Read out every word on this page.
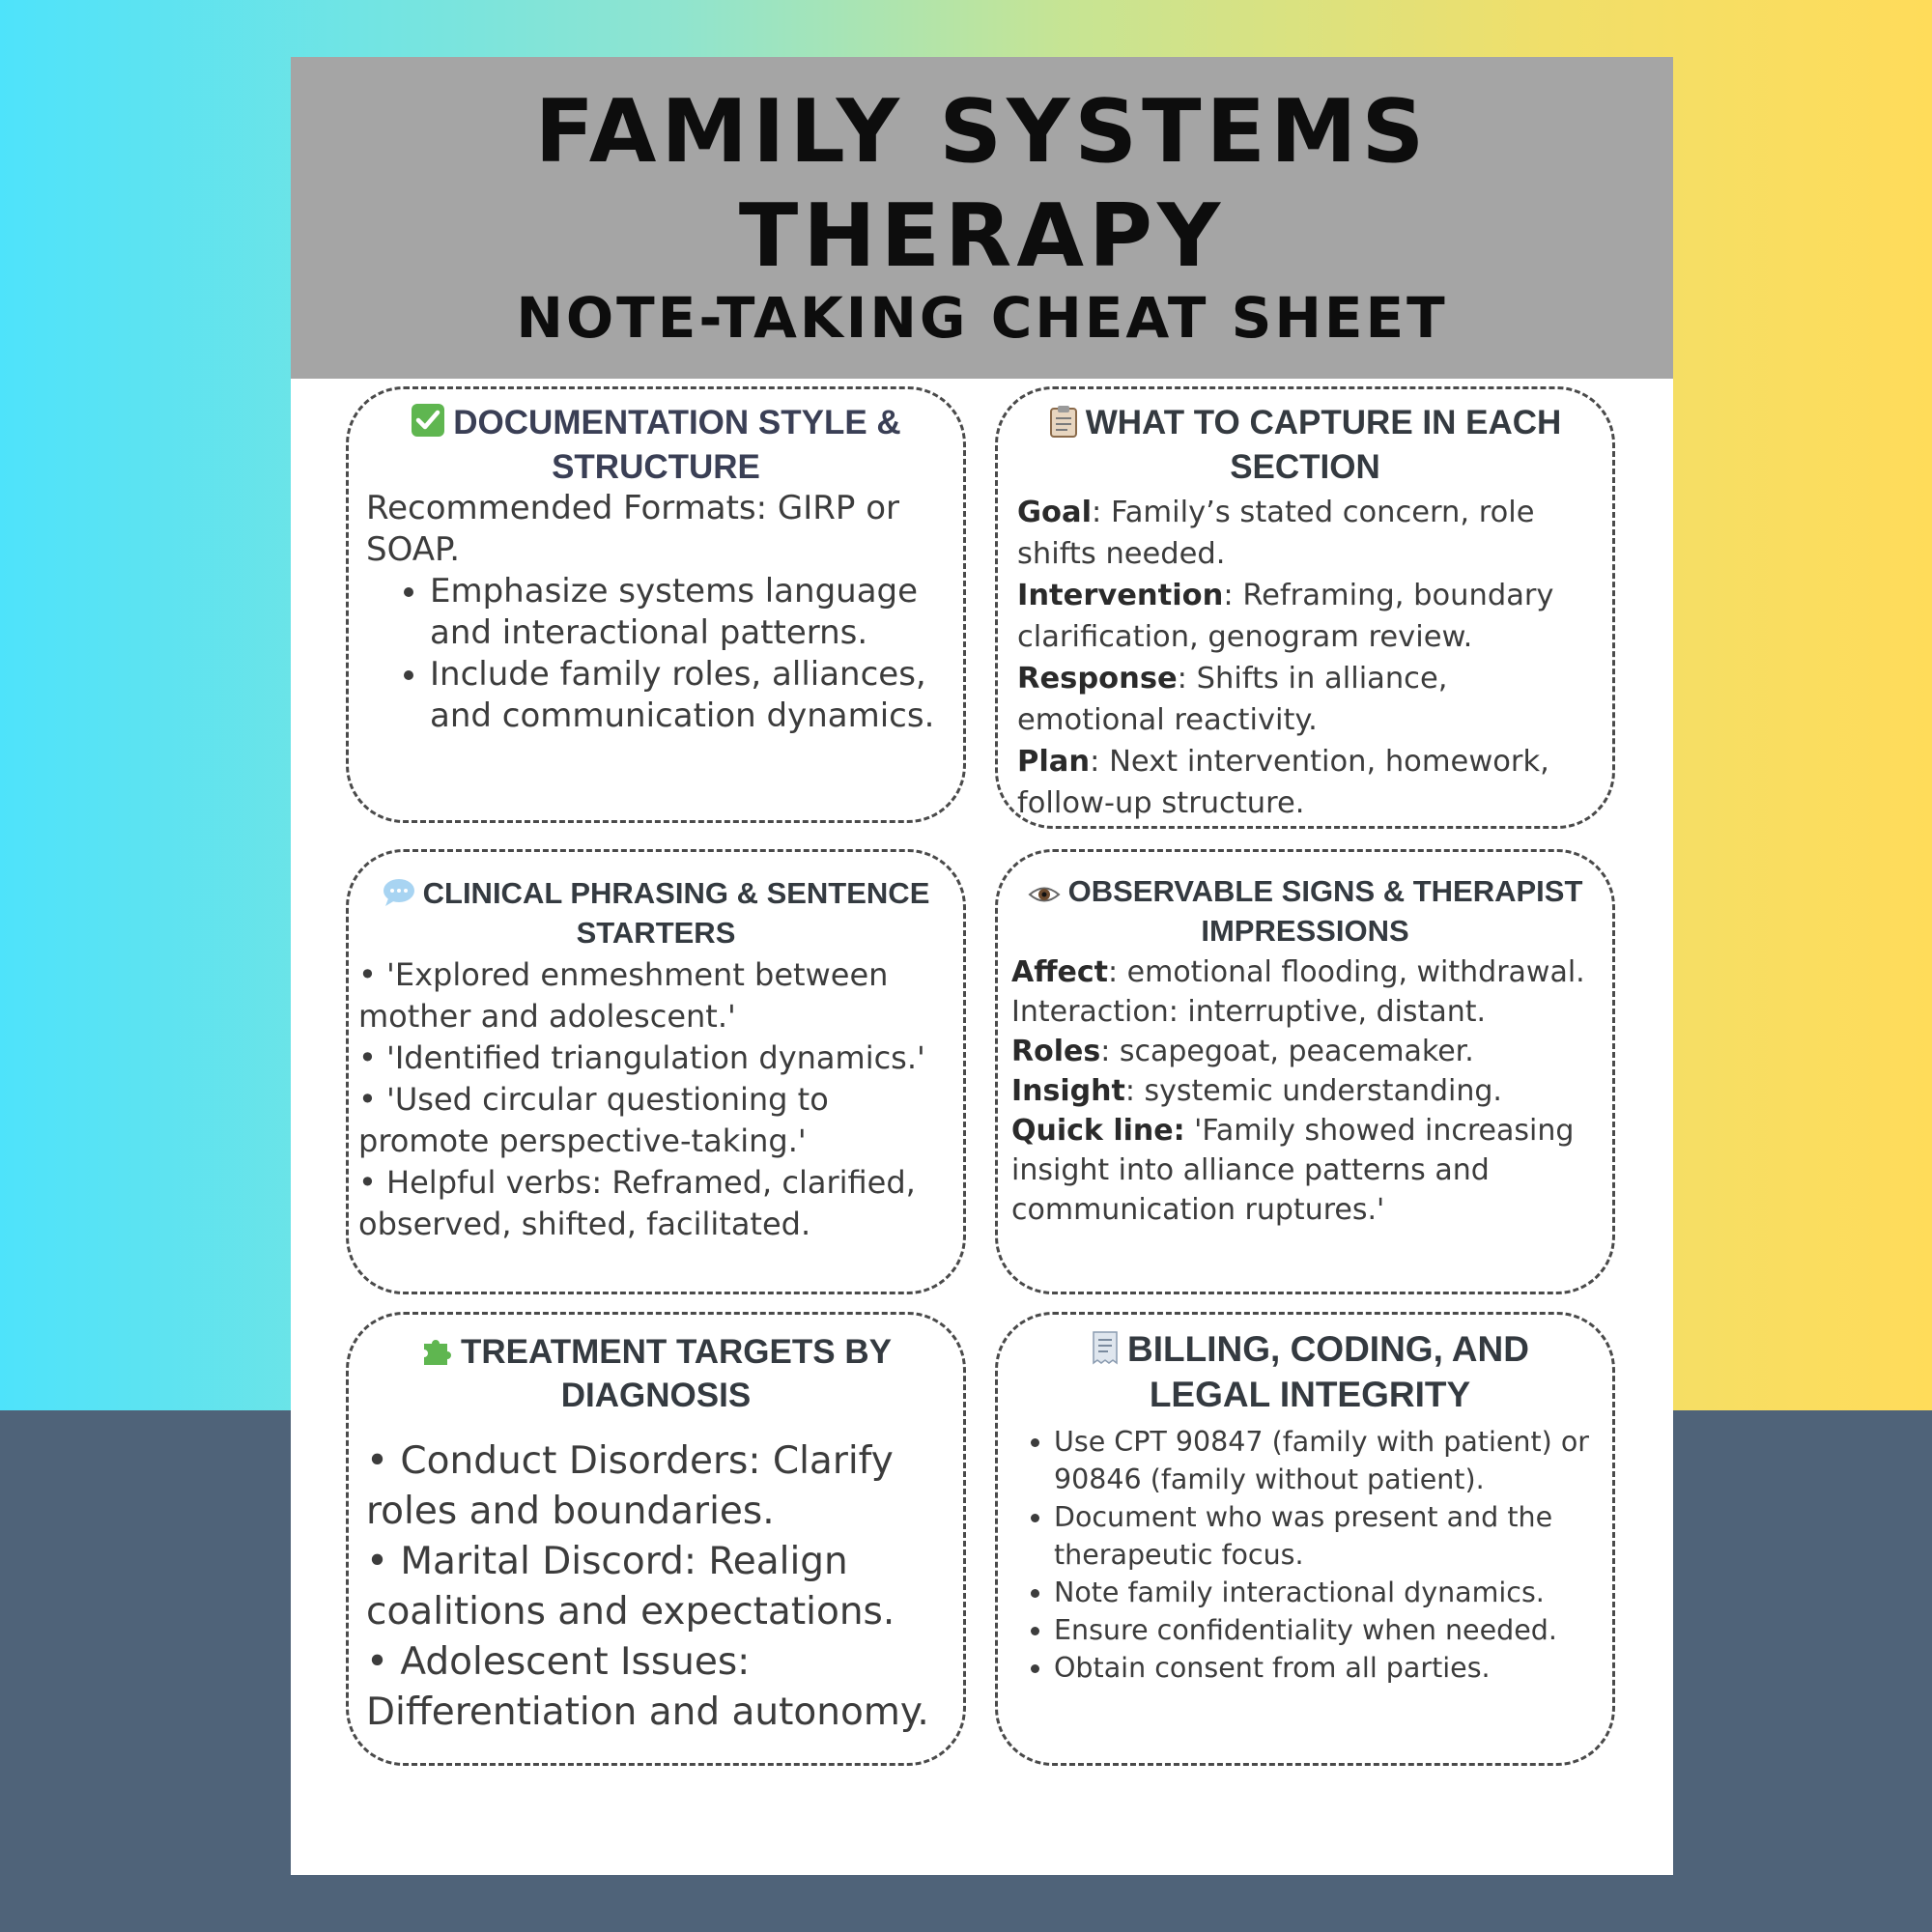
FAMILY SYSTEMS THERAPY
NOTE-TAKING CHEAT SHEET
DOCUMENTATION STYLE & STRUCTURE
Recommended Formats: GIRP or SOAP.
• Emphasize systems language and interactional patterns.
• Include family roles, alliances, and communication dynamics.
WHAT TO CAPTURE IN EACH SECTION
Goal: Family’s stated concern, role shifts needed.
Intervention: Reframing, boundary clarification, genogram review.
Response: Shifts in alliance, emotional reactivity.
Plan: Next intervention, homework, follow-up structure.
CLINICAL PHRASING & SENTENCE STARTERS
• 'Explored enmeshment between mother and adolescent.'
• 'Identified triangulation dynamics.'
• 'Used circular questioning to promote perspective-taking.'
• Helpful verbs: Reframed, clarified, observed, shifted, facilitated.
OBSERVABLE SIGNS & THERAPIST IMPRESSIONS
Affect: emotional flooding, withdrawal. Interaction: interruptive, distant.
Roles: scapegoat, peacemaker.
Insight: systemic understanding.
Quick line: 'Family showed increasing insight into alliance patterns and communication ruptures.'
TREATMENT TARGETS BY DIAGNOSIS
• Conduct Disorders: Clarify roles and boundaries.
• Marital Discord: Realign coalitions and expectations.
• Adolescent Issues: Differentiation and autonomy.
BILLING, CODING, AND LEGAL INTEGRITY
• Use CPT 90847 (family with patient) or 90846 (family without patient).
• Document who was present and the therapeutic focus.
• Note family interactional dynamics.
• Ensure confidentiality when needed.
• Obtain consent from all parties.
